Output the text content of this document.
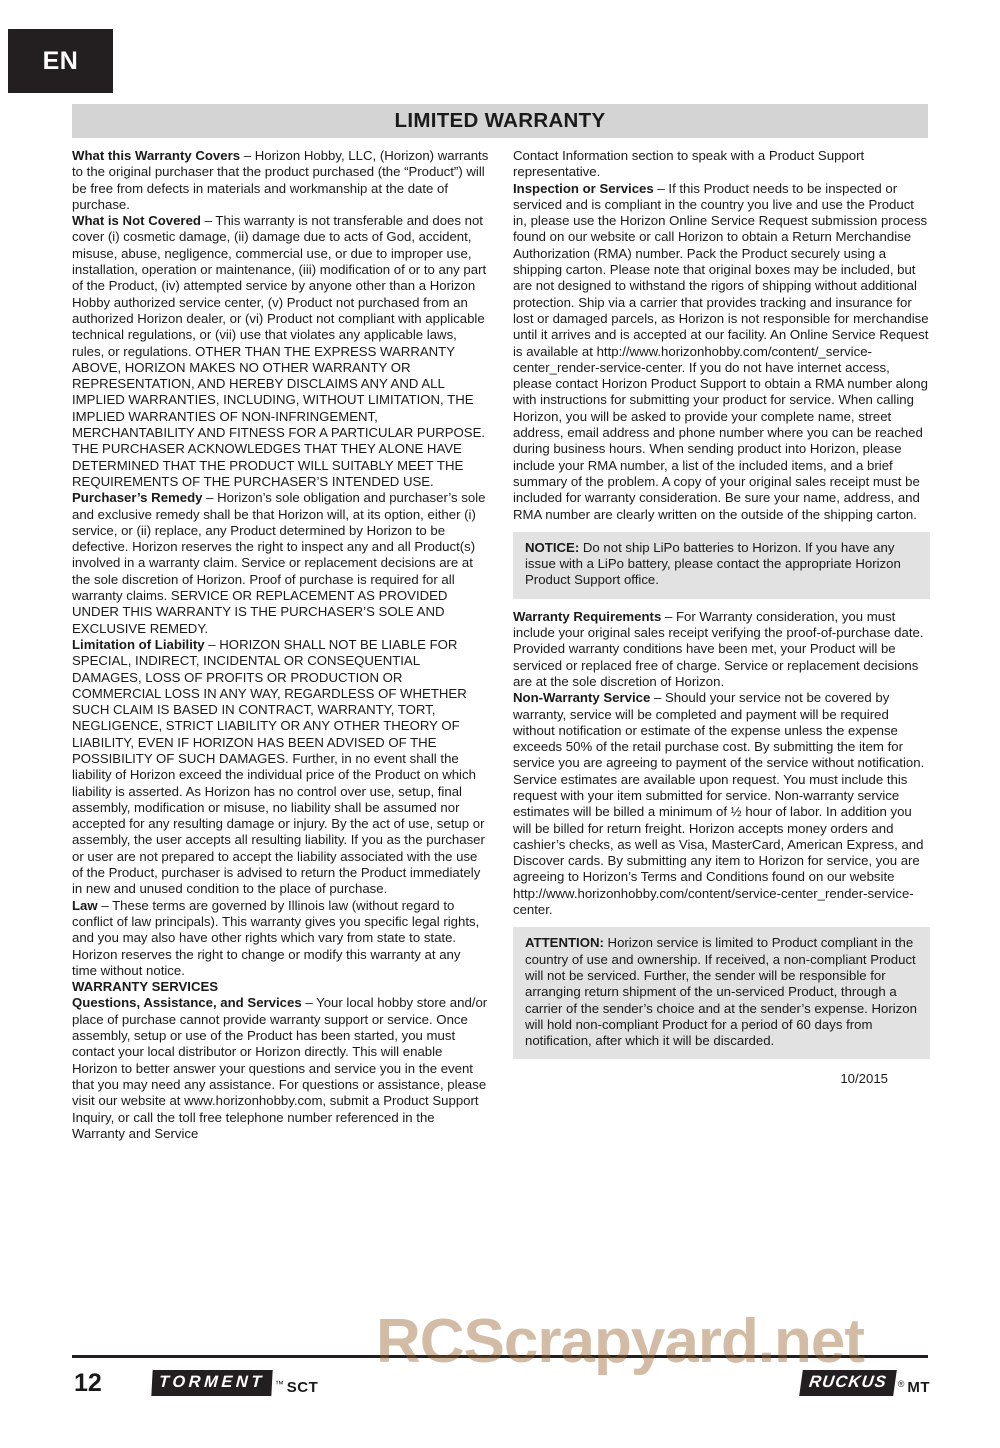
EN
LIMITED WARRANTY

What this Warranty Covers – Horizon Hobby, LLC, (Horizon) warrants to the original purchaser that the product purchased (the “Product”) will be free from defects in materials and workmanship at the date of purchase.

What is Not Covered – This warranty is not transferable and does not cover (i) cosmetic damage, (ii) damage due to acts of God, accident, misuse, abuse, negligence, commercial use, or due to improper use, installation, operation or maintenance, (iii) modification of or to any part of the Product, (iv) attempted service by anyone other than a Horizon Hobby authorized service center, (v) Product not purchased from an authorized Horizon dealer, or (vi) Product not compliant with applicable technical regulations, or (vii) use that violates any applicable laws, rules, or regulations. OTHER THAN THE EXPRESS WARRANTY ABOVE, HORIZON MAKES NO OTHER WARRANTY OR REPRESENTATION, AND HEREBY DISCLAIMS ANY AND ALL IMPLIED WARRANTIES, INCLUDING, WITHOUT LIMITATION, THE IMPLIED WARRANTIES OF NON-INFRINGEMENT, MERCHANTABILITY AND FITNESS FOR A PARTICULAR PURPOSE. THE PURCHASER ACKNOWLEDGES THAT THEY ALONE HAVE DETERMINED THAT THE PRODUCT WILL SUITABLY MEET THE REQUIREMENTS OF THE PURCHASER’S INTENDED USE.

Purchaser’s Remedy – Horizon’s sole obligation and purchaser’s sole and exclusive remedy shall be that Horizon will, at its option, either (i) service, or (ii) replace, any Product determined by Horizon to be defective. Horizon reserves the right to inspect any and all Product(s) involved in a warranty claim. Service or replacement decisions are at the sole discretion of Horizon. Proof of purchase is required for all warranty claims. SERVICE OR REPLACEMENT AS PROVIDED UNDER THIS WARRANTY IS THE PURCHASER’S SOLE AND EXCLUSIVE REMEDY.

Limitation of Liability – HORIZON SHALL NOT BE LIABLE FOR SPECIAL, INDIRECT, INCIDENTAL OR CONSEQUENTIAL DAMAGES, LOSS OF PROFITS OR PRODUCTION OR COMMERCIAL LOSS IN ANY WAY, REGARDLESS OF WHETHER SUCH CLAIM IS BASED IN CONTRACT, WARRANTY, TORT, NEGLIGENCE, STRICT LIABILITY OR ANY OTHER THEORY OF LIABILITY, EVEN IF HORIZON HAS BEEN ADVISED OF THE POSSIBILITY OF SUCH DAMAGES. Further, in no event shall the liability of Horizon exceed the individual price of the Product on which liability is asserted. As Horizon has no control over use, setup, final assembly, modification or misuse, no liability shall be assumed nor accepted for any resulting damage or injury. By the act of use, setup or assembly, the user accepts all resulting liability. If you as the purchaser or user are not prepared to accept the liability associated with the use of the Product, purchaser is advised to return the Product immediately in new and unused condition to the place of purchase.

Law – These terms are governed by Illinois law (without regard to conflict of law principals). This warranty gives you specific legal rights, and you may also have other rights which vary from state to state. Horizon reserves the right to change or modify this warranty at any time without notice.

WARRANTY SERVICES

Questions, Assistance, and Services – Your local hobby store and/or place of purchase cannot provide warranty support or service. Once assembly, setup or use of the Product has been started, you must contact your local distributor or Horizon directly. This will enable Horizon to better answer your questions and service you in the event that you may need any assistance. For questions or assistance, please visit our website at www.horizonhobby.com, submit a Product Support Inquiry, or call the toll free telephone number referenced in the Warranty and Service

Contact Information section to speak with a Product Support representative.

Inspection or Services – If this Product needs to be inspected or serviced and is compliant in the country you live and use the Product in, please use the Horizon Online Service Request submission process found on our website or call Horizon to obtain a Return Merchandise Authorization (RMA) number. Pack the Product securely using a shipping carton. Please note that original boxes may be included, but are not designed to withstand the rigors of shipping without additional protection. Ship via a carrier that provides tracking and insurance for lost or damaged parcels, as Horizon is not responsible for merchandise until it arrives and is accepted at our facility. An Online Service Request is available at http://www.horizonhobby.com/content/_service-center_render-service-center. If you do not have internet access, please contact Horizon Product Support to obtain a RMA number along with instructions for submitting your product for service. When calling Horizon, you will be asked to provide your complete name, street address, email address and phone number where you can be reached during business hours. When sending product into Horizon, please include your RMA number, a list of the included items, and a brief summary of the problem. A copy of your original sales receipt must be included for warranty consideration. Be sure your name, address, and RMA number are clearly written on the outside of the shipping carton.

NOTICE: Do not ship LiPo batteries to Horizon. If you have any issue with a LiPo battery, please contact the appropriate Horizon Product Support office.

Warranty Requirements – For Warranty consideration, you must include your original sales receipt verifying the proof-of-purchase date. Provided warranty conditions have been met, your Product will be serviced or replaced free of charge. Service or replacement decisions are at the sole discretion of Horizon.

Non-Warranty Service – Should your service not be covered by warranty, service will be completed and payment will be required without notification or estimate of the expense unless the expense exceeds 50% of the retail purchase cost. By submitting the item for service you are agreeing to payment of the service without notification. Service estimates are available upon request. You must include this request with your item submitted for service. Non-warranty service estimates will be billed a minimum of ½ hour of labor. In addition you will be billed for return freight. Horizon accepts money orders and cashier’s checks, as well as Visa, MasterCard, American Express, and Discover cards. By submitting any item to Horizon for service, you are agreeing to Horizon’s Terms and Conditions found on our website http://www.horizonhobby.com/content/service-center_render-service-center.

ATTENTION: Horizon service is limited to Product compliant in the country of use and ownership. If received, a non-compliant Product will not be serviced. Further, the sender will be responsible for arranging return shipment of the un-serviced Product, through a carrier of the sender’s choice and at the sender’s expense. Horizon will hold non-compliant Product for a period of 60 days from notification, after which it will be discarded.
10/2015
12	TORMENT	™ SCT	RUCKUS	® MT
RCScrapyard.net
